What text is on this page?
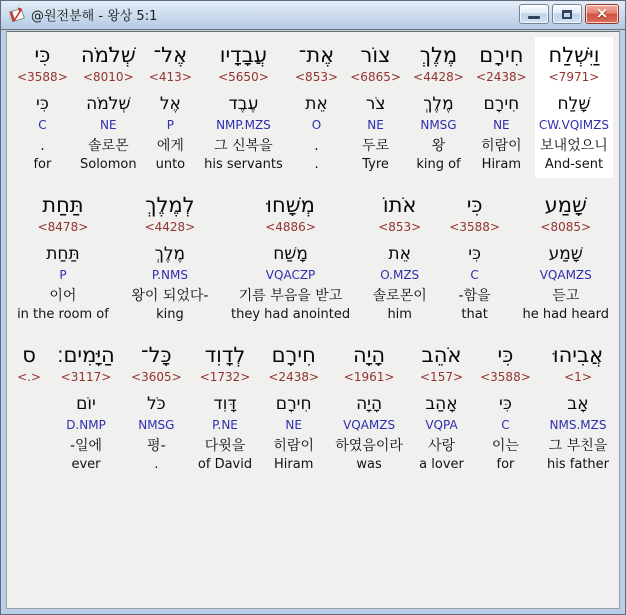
@원전분해 - 왕상 5:1	×
וַיִּשְׁלַח
<7971>
שָׁלַח
CW.VQIMZS
보내었으니
And-sent
חִירָם
<2438>
חִירָם
NE
히람이
Hiram
מֶלֶךְ
<4428>
מֶלֶךְ
NMSG
왕
king of
צוֹר
<6865>
צֹר
NE
두로
Tyre
אֶת־
<853>
אֵת
O
.
.
עֲבָדָיו
<5650>
עֶבֶד
NMP.MZS
그 신복을
his servants
אֶל־
<413>
אֶל
P
에게
unto
שְׁלֹמֹה
<8010>
שְׁלֹמֹה
NE
솔로몬
Solomon
כִּי
<3588>
כִּי
C
.
for
שָׁמַע
<8085>
שָׁמַע
VQAMZS
듣고
he had heard
כִּי
<3588>
כִּי
C
-함을
that
אֹתוֹ
<853>
אֵת
O.MZS
솔로몬이
him
מְשָׁחוּ
<4886>
מָשַׁח
VQACZP
기름 부음을 받고
they had anointed
לְמֶלֶךְ
<4428>
מֶלֶךְ
P.NMS
왕이 되었다-
king
תַּחַת
<8478>
תַּחַת
P
이어
in the room of
אֲבִיהוּ
<1>
אָב
NMS.MZS
그 부친을
his father
כִּי
<3588>
כִּי
C
이는
for
אֹהֵב
<157>
אָהַב
VQPA
사랑
a lover
הָיָה
<1961>
הָיָה
VQAMZS
하였음이라
was
חִירָם
<2438>
חִירָם
NE
히람이
Hiram
לְדָוִד
<1732>
דָּוִד
P.NE
다윗을
of David
כָּל־
<3605>
כֹּל
NMSG
평-
.
הַיָּמִים׃
<3117>
יוֹם
D.NMP
-일에
ever
ס
<.>
